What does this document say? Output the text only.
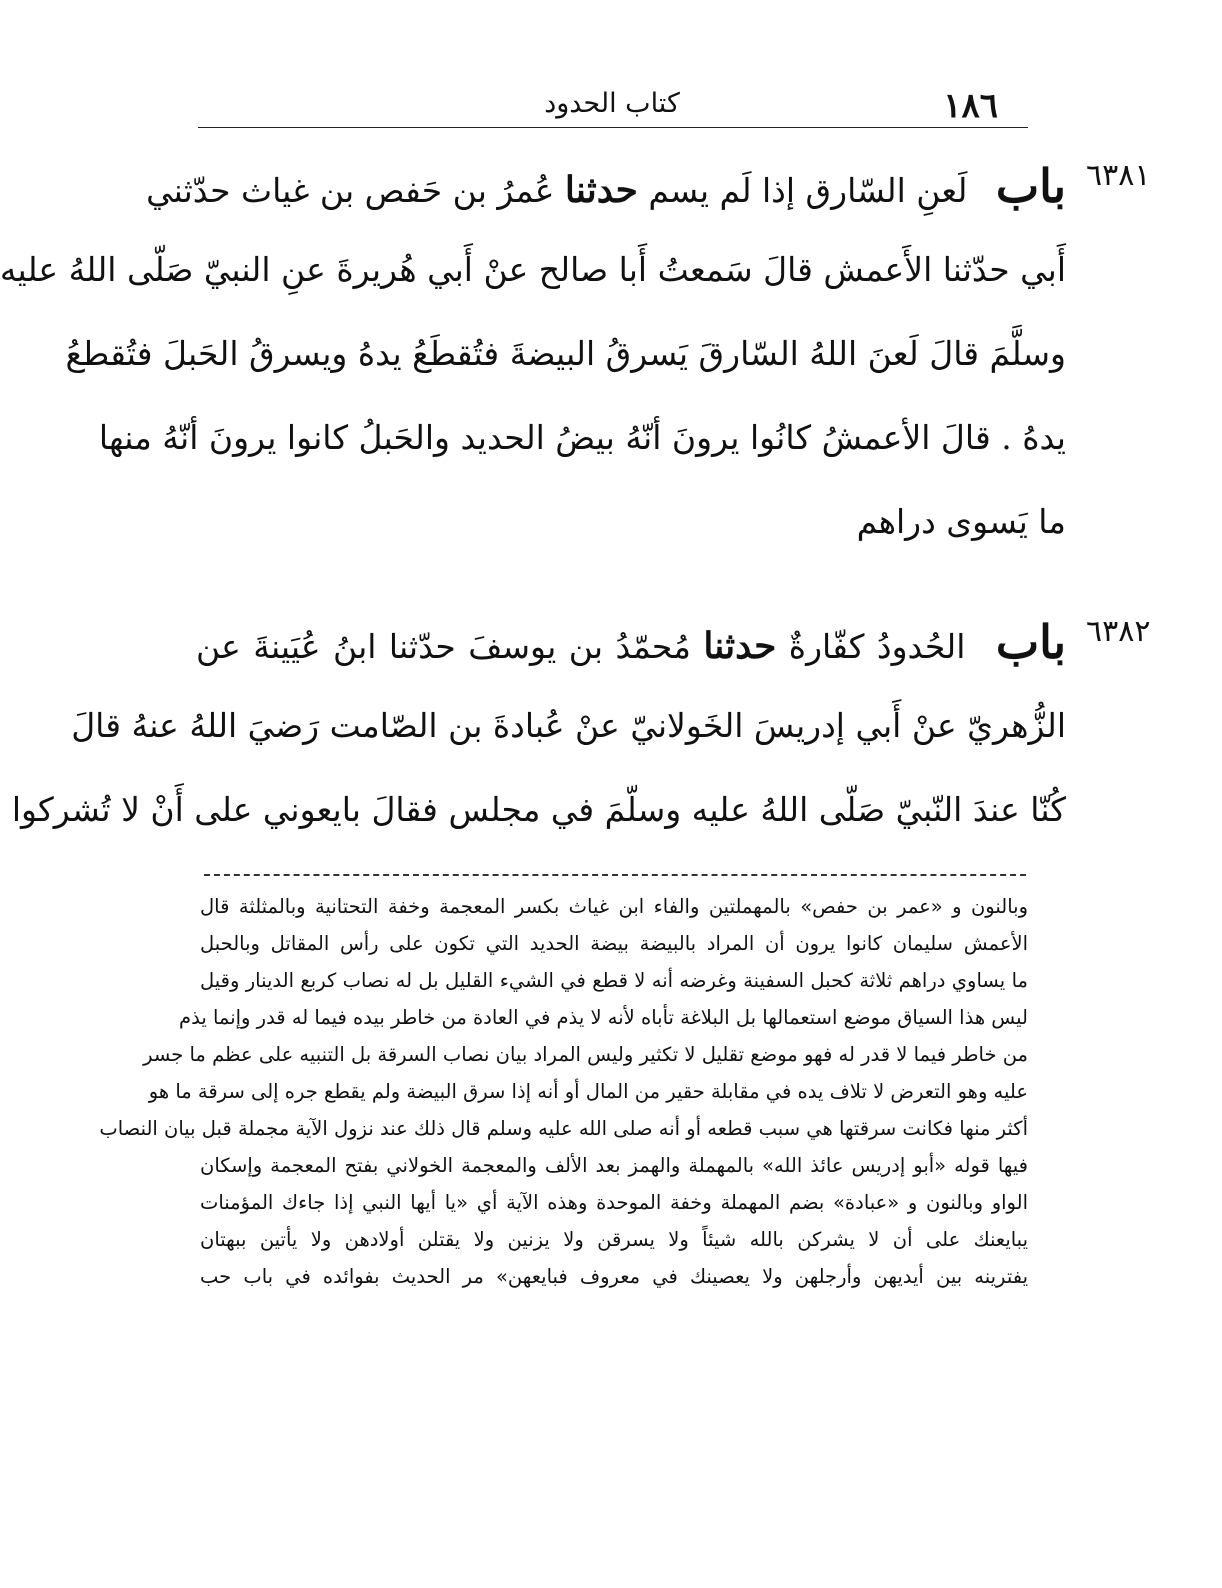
١٨٦
كتاب الحدود
٦٣٨١
باب لَعنِ السّارق إذا لَم يسم حدثنا عُمرُ بن حَفص بن غياث حدّثني
أَبي حدّثنا الأَعمش قالَ سَمعتُ أَبا صالح عنْ أَبي هُريرةَ عنِ النبيّ صَلّى اللهُ عليه
وسلَّمَ قالَ لَعنَ اللهُ السّارقَ يَسرقُ البيضةَ فتُقطَعُ يدهُ ويسرقُ الحَبلَ فتُقطعُ
يدهُ . قالَ الأعمشُ كانُوا يرونَ أنّهُ بيضُ الحديد والحَبلُ كانوا يرونَ أنّهُ منها
ما يَسوى دراهم
٦٣٨٢
باب الحُدودُ كفّارةٌ حدثنا مُحمّدُ بن يوسفَ حدّثنا ابنُ عُيَينةَ عن
الزُّهريّ عنْ أَبي إدريسَ الخَولانيّ عنْ عُبادةَ بن الصّامت رَضيَ اللهُ عنهُ قالَ
كُنّا عندَ النّبيّ صَلّى اللهُ عليه وسلّمَ في مجلس فقالَ بايعوني على أَنْ لا تُشركوا
وبالنون و «عمر بن حفص» بالمهملتين والفاء ابن غياث بكسر المعجمة وخفة التحتانية وبالمثلثة قال
الأعمش سليمان كانوا يرون أن المراد بالبيضة بيضة الحديد التي تكون على رأس المقاتل وبالحبل
ما يساوي دراهم ثلاثة كحبل السفينة وغرضه أنه لا قطع في الشيء القليل بل له نصاب كربع الدينار وقيل
ليس هذا السياق موضع استعمالها بل البلاغة تأباه لأنه لا يذم في العادة من خاطر بيده فيما له قدر وإنما يذم
من خاطر فيما لا قدر له فهو موضع تقليل لا تكثير وليس المراد بيان نصاب السرقة بل التنبيه على عظم ما جسر
عليه وهو التعرض لا تلاف يده في مقابلة حقير من المال أو أنه إذا سرق البيضة ولم يقطع جره إلى سرقة ما هو
أكثر منها فكانت سرقتها هي سبب قطعه أو أنه صلى الله عليه وسلم قال ذلك عند نزول الآية مجملة قبل بيان النصاب
فيها قوله «أبو إدريس عائذ الله» بالمهملة والهمز بعد الألف والمعجمة الخولاني بفتح المعجمة وإسكان
الواو وبالنون و «عبادة» بضم المهملة وخفة الموحدة وهذه الآية أي «يا أيها النبي إذا جاءك المؤمنات
يبايعنك على أن لا يشركن بالله شيئاً ولا يسرقن ولا يزنين ولا يقتلن أولادهن ولا يأتين ببهتان
يفترينه بين أيديهن وأرجلهن ولا يعصينك في معروف فبايعهن» مر الحديث بفوائده في باب حب
